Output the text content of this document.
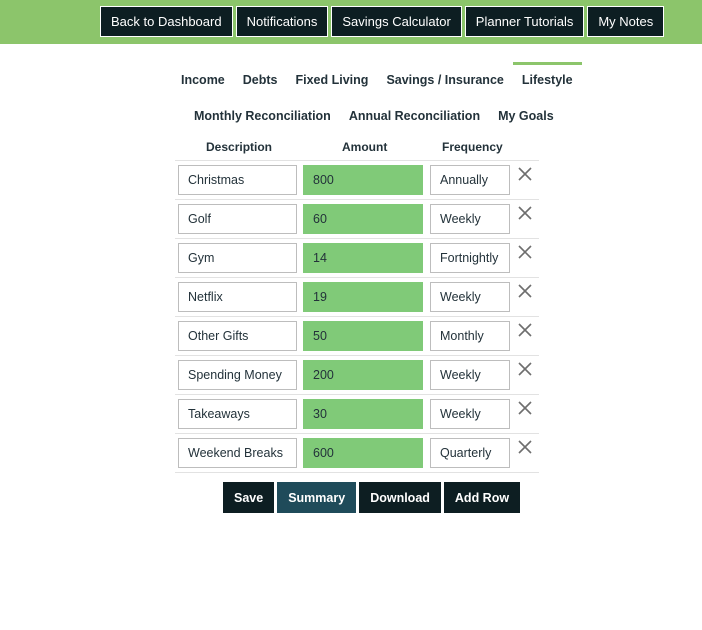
Back to Dashboard	Notifications	Savings Calculator	Planner Tutorials	My Notes
Income	Debts	Fixed Living	Savings / Insurance	Lifestyle
Monthly Reconciliation	Annual Reconciliation	My Goals
Description	Amount	Frequency
Christmas	800	Annually
Golf	60	Weekly
Gym	14	Fortnightly
Netflix	19	Weekly
Other Gifts	50	Monthly
Spending Money	200	Weekly
Takeaways	30	Weekly
Weekend Breaks	600	Quarterly
Save	Summary	Download	Add Row
